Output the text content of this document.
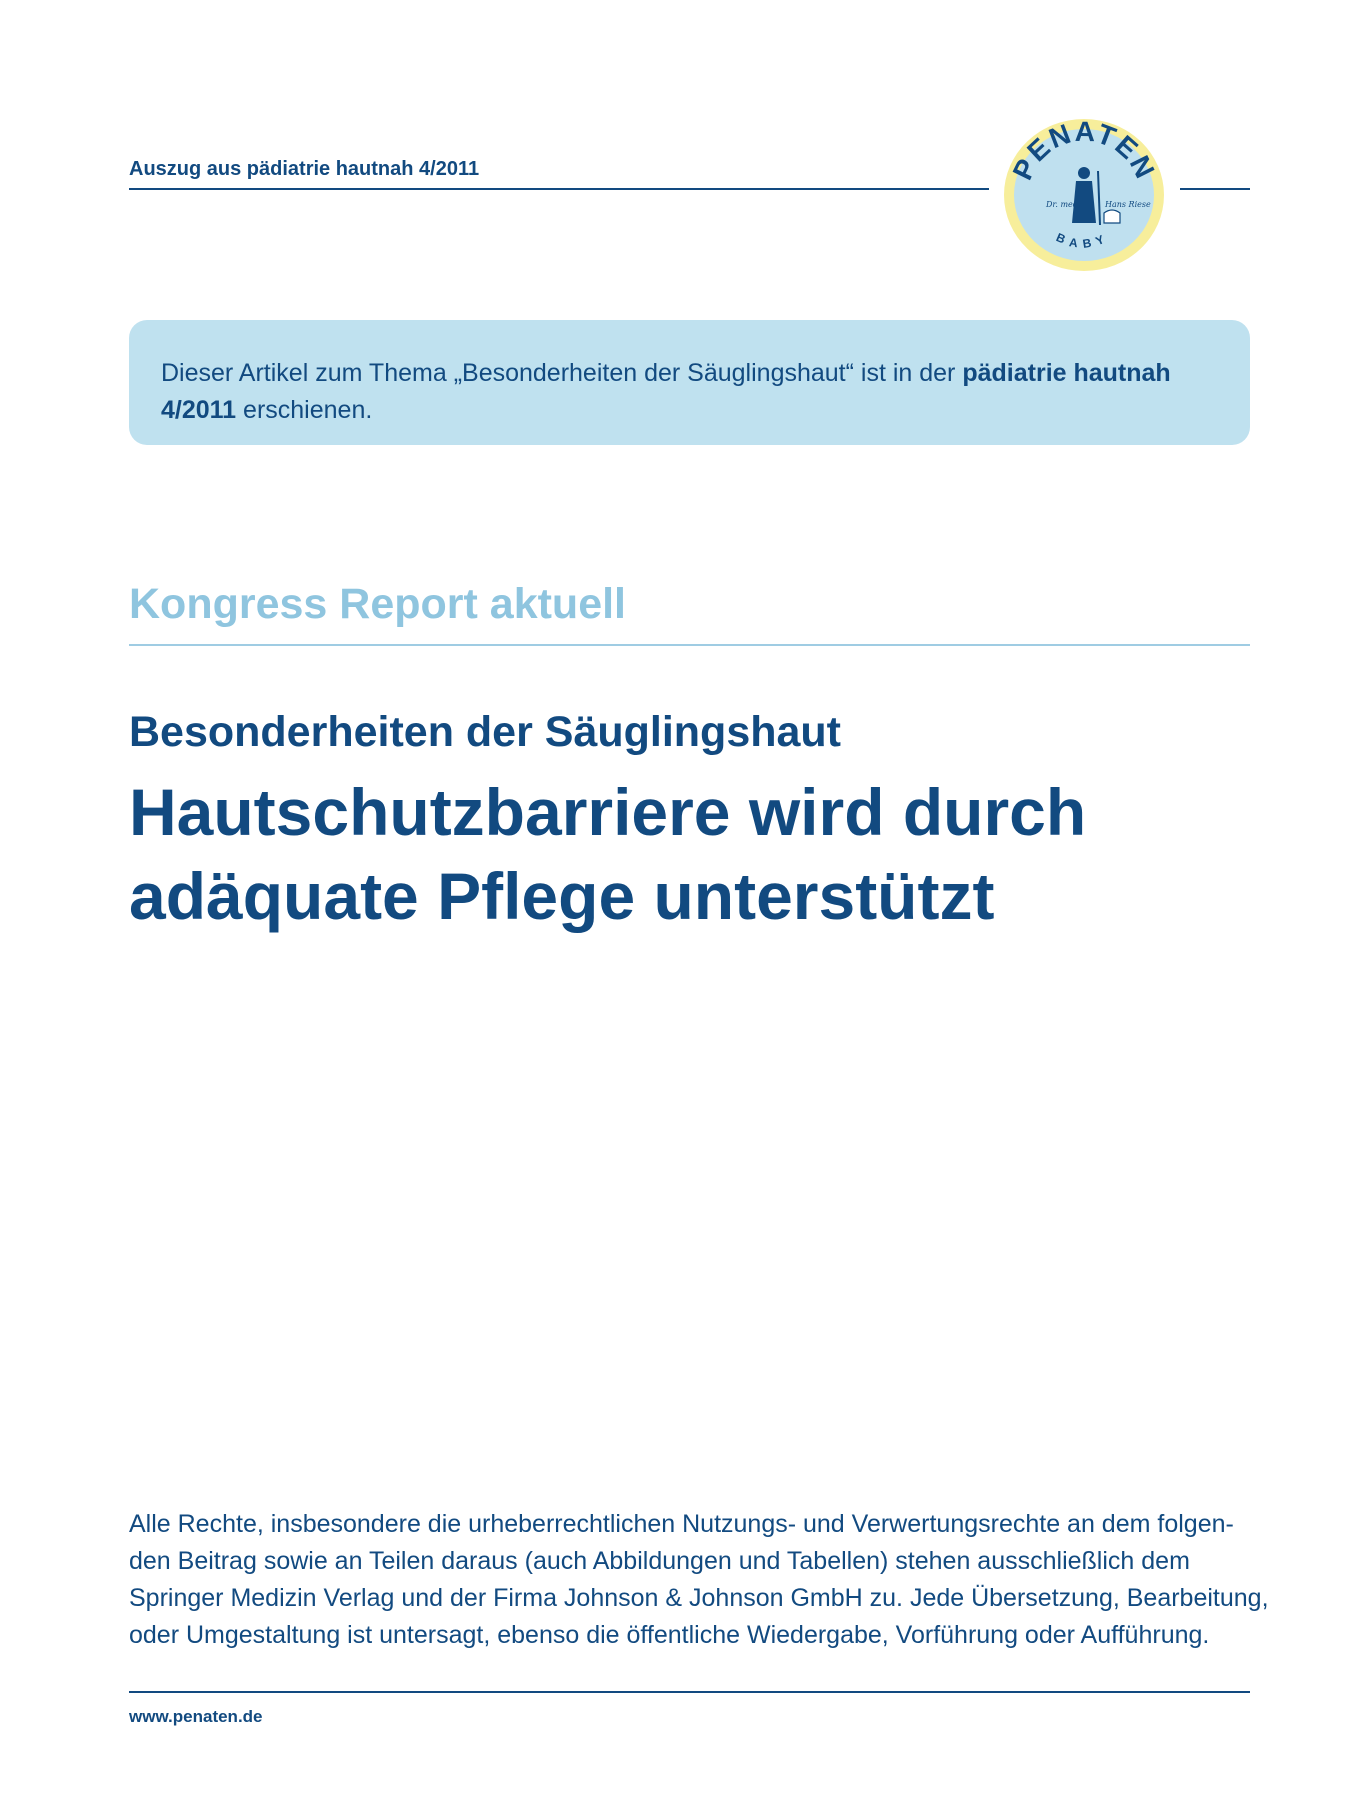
Auszug aus pädiatrie hautnah 4/2011	PENATEN
BABY
Dr. med.	Hans Riese
Dieser Artikel zum Thema „Besonderheiten der Säuglingshaut“ ist in der pädiatrie hautnah 4/2011 erschienen.
Kongress Report aktuell
Besonderheiten der Säuglingshaut
Hautschutzbarriere wird durch
adäquate Pflege unterstützt
Alle Rechte, insbesondere die urheberrechtlichen Nutzungs- und Verwertungsrechte an dem folgen-
den Beitrag sowie an Teilen daraus (auch Abbildungen und Tabellen) stehen ausschließlich dem
Springer Medizin Verlag und der Firma Johnson & Johnson GmbH zu. Jede Übersetzung, Bearbeitung,
oder Umgestaltung ist untersagt, ebenso die öffentliche Wiedergabe, Vorführung oder Aufführung.
www.penaten.de
